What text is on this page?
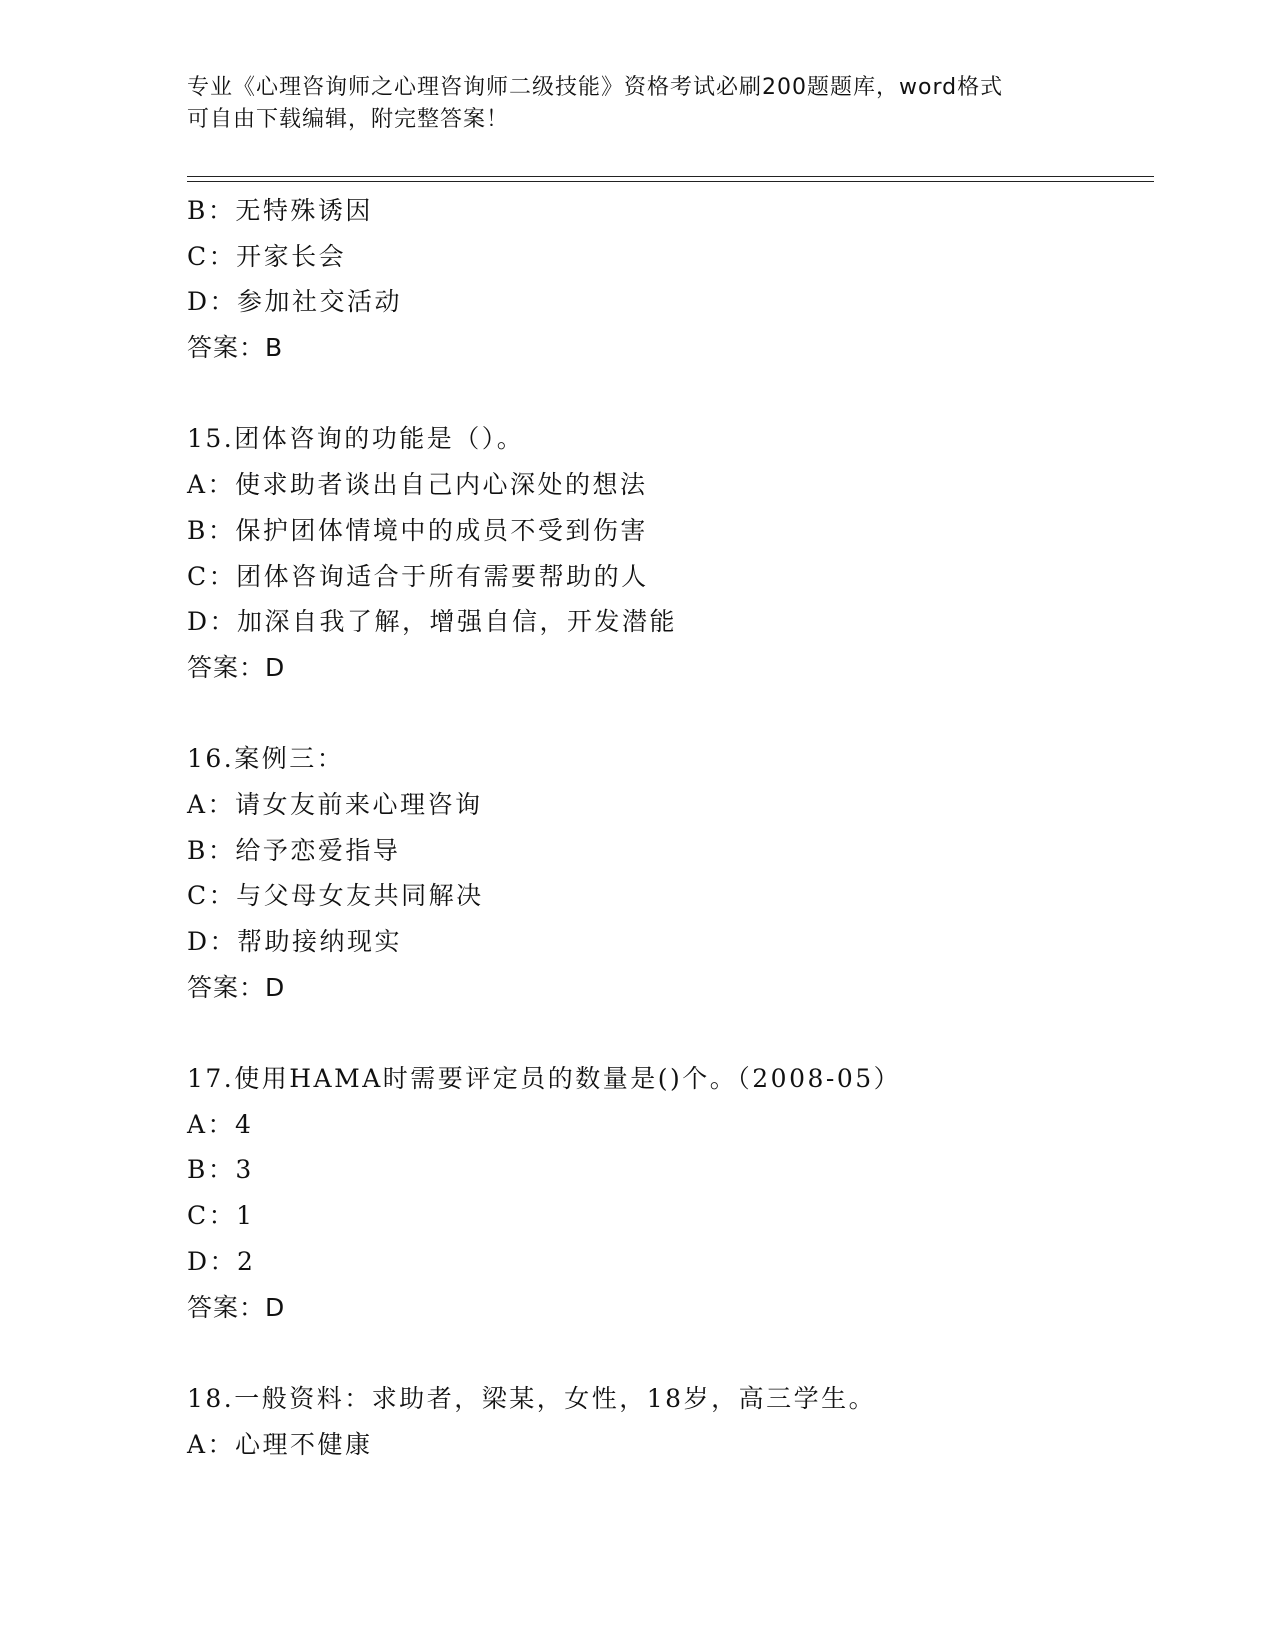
专业《心理咨询师之心理咨询师二级技能》资格考试必刷200题题库，word格式
可自由下载编辑，附完整答案！
B：无特殊诱因
C：开家长会
D：参加社交活动
答案：B
15.团体咨询的功能是（）。
A：使求助者谈出自己内心深处的想法
B：保护团体情境中的成员不受到伤害
C：团体咨询适合于所有需要帮助的人
D：加深自我了解，增强自信，开发潜能
答案：D
16.案例三：
A：请女友前来心理咨询
B：给予恋爱指导
C：与父母女友共同解决
D：帮助接纳现实
答案：D
17.使用HAMA时需要评定员的数量是()个。（2008-05）
A：4
B：3
C：1
D：2
答案：D
18.一般资料：求助者，梁某，女性，18岁，高三学生。
A：心理不健康
